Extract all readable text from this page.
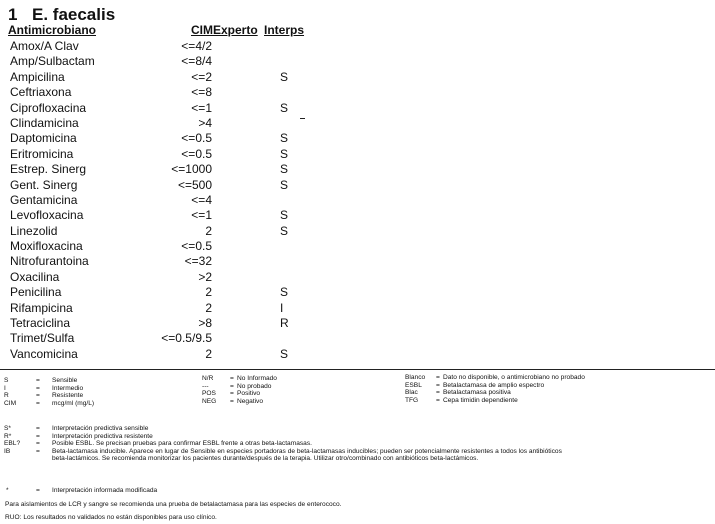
1 E. faecalis
Antimicrobiano	CIM Experto Interps
Amox/A Clav	<=4/2
Amp/Sulbactam	<=8/4
Ampicilina	<=2	S
Ceftriaxona	<=8
Ciprofloxacina	<=1	S
Clindamicina	>4
Daptomicina	<=0.5	S
Eritromicina	<=0.5	S
Estrep. Sinerg	<=1000	S
Gent. Sinerg	<=500	S
Gentamicina	<=4
Levofloxacina	<=1	S
Linezolid	2	S
Moxifloxacina	<=0.5
Nitrofurantoina	<=32
Oxacilina	>2
Penicilina	2	S
Rifampicina	2	I
Tetraciclina	>8	R
Trimet/Sulfa	<=0.5/9.5
Vancomicina	2	S
S	= Sensible
I	= Intermedio
R	= Resistente
CIM	= mcg/ml (mg/L)
N/R	= No Informado
---	= No probado
POS = Positivo
NEG = Negativo
Blanco = Dato no disponible, o antimicrobiano no probado
ESBL = Betalactamasa de amplio espectro
Blac	= Betalactamasa positiva
TFG	= Cepa timidin dependiente
S*	= Interpretación predictiva sensible
R*	= Interpretación predictiva resistente
EBL? = Posible ESBL. Se precisan pruebas para confirmar ESBL frente a otras beta-lactamasas.
IB	= Beta-lactamasa inducible. Aparece en lugar de Sensible en especies portadoras de beta-lactamasas inducibles; pueden ser potencialmente resistentes a todos los antibióticos
beta-lactámicos. Se recomienda monitorizar los pacientes durante/después de la terapia. Utilizar otro/combinado con antibióticos beta-lactámicos.
*	= Interpretación informada modificada
Para aislamientos de LCR y sangre se recomienda una prueba de betalactamasa para las especies de enterococo.
RUO: Los resultados no validados no están disponibles para uso clínico.
